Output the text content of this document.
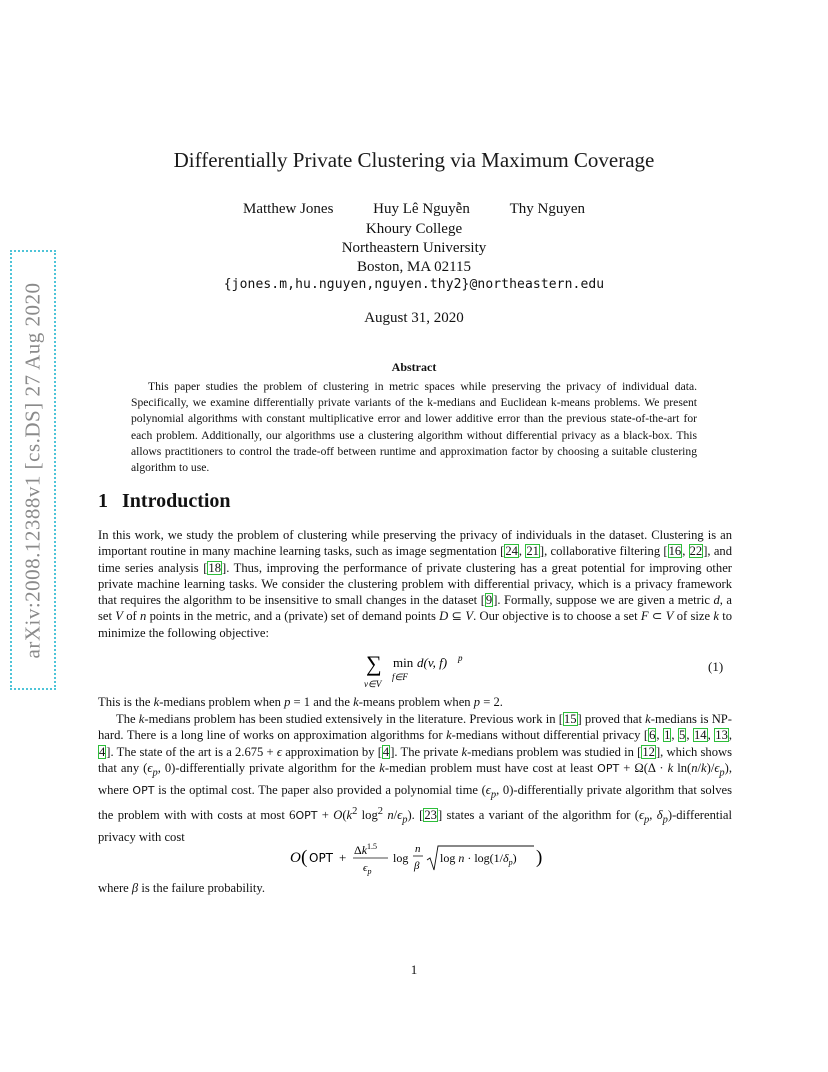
arXiv:2008.12388v1 [cs.DS] 27 Aug 2020
Differentially Private Clustering via Maximum Coverage
Matthew Jones	Huy Lê Nguyễn	Thy Nguyen
Khoury College
Northeastern University
Boston, MA 02115
{jones.m,hu.nguyen,nguyen.thy2}@northeastern.edu
August 31, 2020
Abstract
This paper studies the problem of clustering in metric spaces while preserving the privacy of individual data. Specifically, we examine differentially private variants of the k-medians and Euclidean k-means problems. We present polynomial algorithms with constant multiplicative error and lower additive error than the previous state-of-the-art for each problem. Additionally, our algorithms use a clustering algorithm without differential privacy as a black-box. This allows practitioners to control the trade-off between runtime and approximation factor by choosing a suitable clustering algorithm to use.
1 Introduction
In this work, we study the problem of clustering while preserving the privacy of individuals in the dataset. Clustering is an important routine in many machine learning tasks, such as image segmentation [24, 21], collaborative filtering [16, 22], and time series analysis [18]. Thus, improving the performance of private clustering has a great potential for improving other private machine learning tasks. We consider the clustering problem with differential privacy, which is a privacy framework that requires the algorithm to be insensitive to small changes in the dataset [9]. Formally, suppose we are given a metric d, a set V of n points in the metric, and a (private) set of demand points D ⊆ V. Our objective is to choose a set F ⊂ V of size k to minimize the following objective:
∑
v∈V
min
f∈F
d(v, f) p
(1)
This is the k-medians problem when p = 1 and the k-means problem when p = 2.
The k-medians problem has been studied extensively in the literature. Previous work in [15] proved that k-medians is NP-hard. There is a long line of works on approximation algorithms for k-medians without differential privacy [6, 1, 5, 14, 13, 4]. The state of the art is a 2.675 + ϵ approximation by [4]. The private k-medians problem was studied in [12], which shows that any ($\epsilon_p$, 0)-differentially private algorithm for the k-median problem must have cost at least OPT + Ω(Δ · k $\ln(n/k)/\epsilon_p$), where OPT is the optimal cost. The paper also provided a polynomial time ($\epsilon_p$, 0)-differentially private algorithm that solves the problem with with costs at most $6OPT + O(k^2$ $\log^2 n/\epsilon_p$). [23] states a variant of the algorithm for ($\epsilon_p$, $\delta_p$)-differential privacy with cost
O ( OPT + $\Delta k^{1.5}$
$\epsilon_p$
log
n
β
$\log n \cdot \log(1/\delta_p)$ )
where β is the failure probability.
1
